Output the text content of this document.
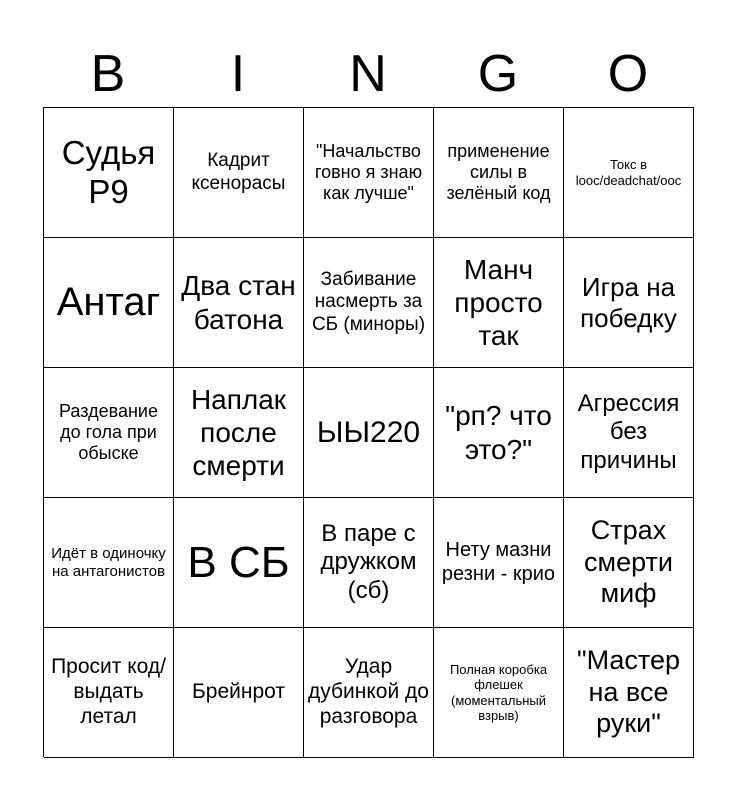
B	I	N	G	O
Судья Р9
Кадрит ксенорасы
"Начальство говно я знаю как лучше"
применение силы в зелёный код
Токс в looc/deadchat/ooc
Антаг Два стан батона
Забивание насмерть за СБ (миноры)
Манч просто так
Игра на победку
Раздевание до гола при обыске
Наплак после смерти
ЫЫ220 "рп? что это?"
Агрессия без причины
Идёт в одиночку на антагонистов В СБ
В паре с дружком (сб)
Нету мазни резни - крио
Страх смерти миф
Просит код/ выдать летал
Брейнрот
Удар дубинкой до разговора
Полная коробка флешек (моментальный взрыв)
"Мастер на все руки"
